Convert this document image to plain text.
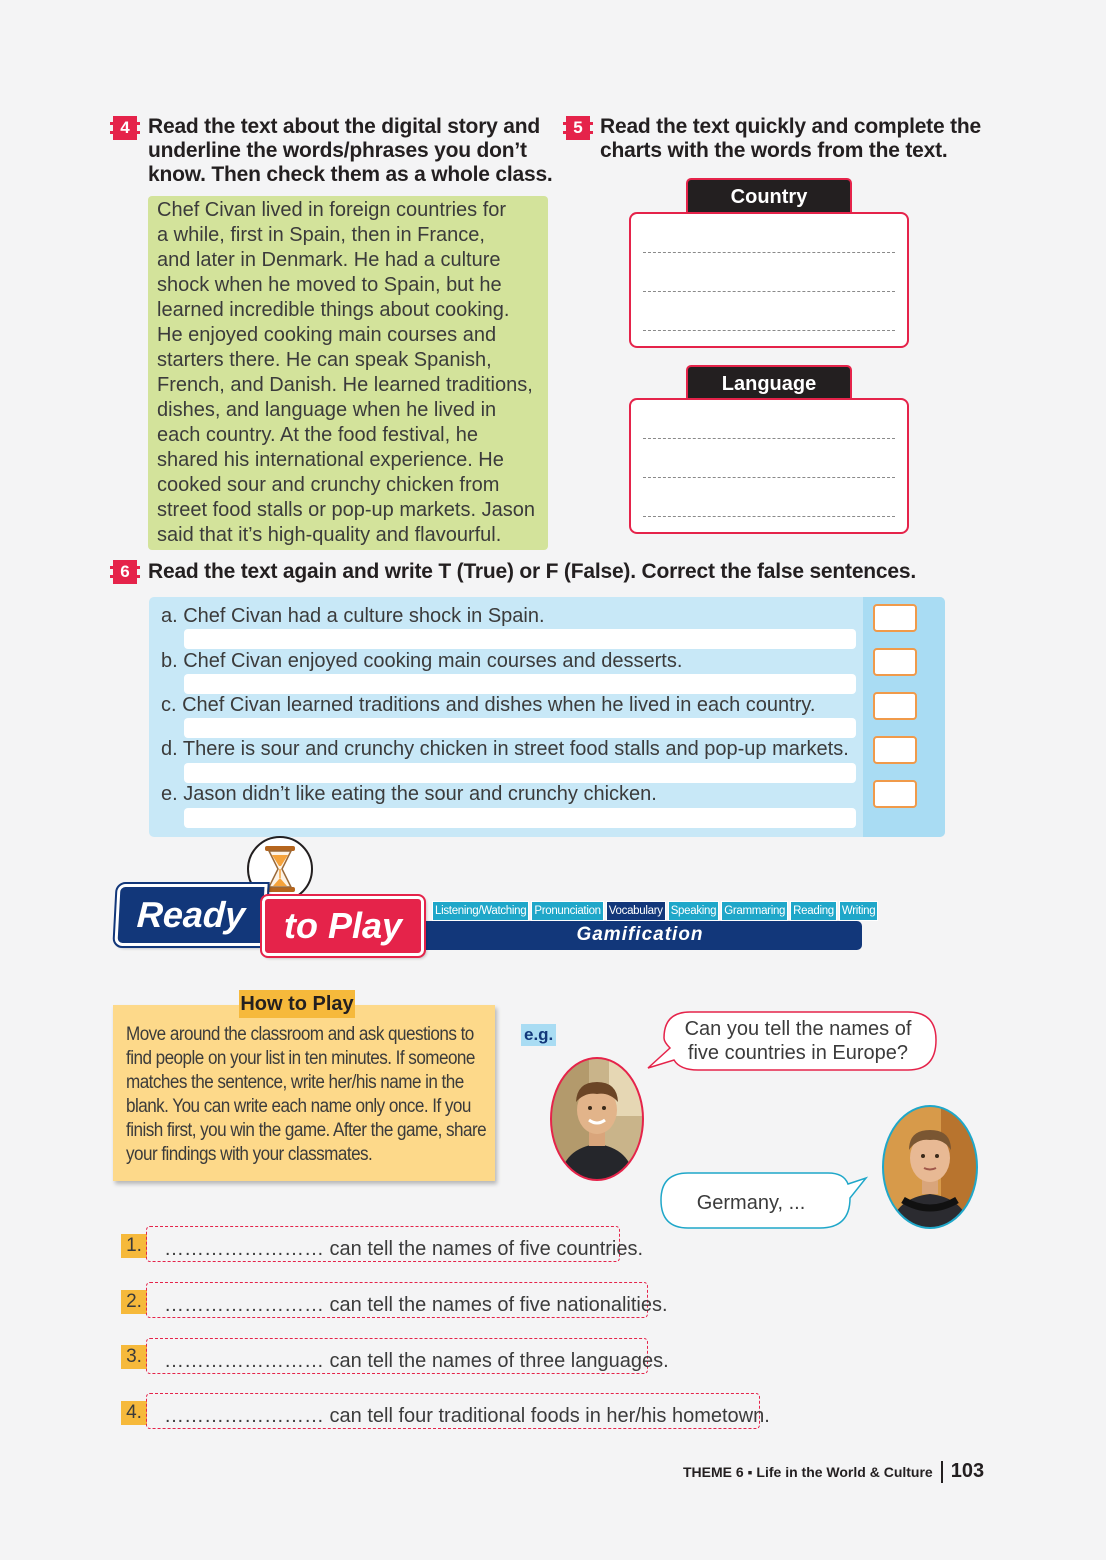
4 Read the text about the digital story and
underline the words/phrases you don’t
know. Then check them as a whole class.
Chef Civan lived in foreign countries for
a while, first in Spain, then in France,
and later in Denmark. He had a culture
shock when he moved to Spain, but he
learned incredible things about cooking.
He enjoyed cooking main courses and
starters there. He can speak Spanish,
French, and Danish. He learned traditions,
dishes, and language when he lived in
each country. At the food festival, he
shared his international experience. He
cooked sour and crunchy chicken from
street food stalls or pop-up markets. Jason
said that it’s high-quality and flavourful.
5 Read the text quickly and complete the
charts with the words from the text.
Country
Language
6 Read the text again and write T (True) or F (False). Correct the false sentences.
a. Chef Civan had a culture shock in Spain.
b. Chef Civan enjoyed cooking main courses and desserts.
c. Chef Civan learned traditions and dishes when he lived in each country.
d. There is sour and crunchy chicken in street food stalls and pop-up markets.
e. Jason didn’t like eating the sour and crunchy chicken.
Listening/Watching Pronunciation Vocabulary Speaking Grammaring Reading Writing
Gamification
Ready	to Play
Move around the classroom and ask questions to
find people on your list in ten minutes. If someone
matches the sentence, write her/his name in the
blank. You can write each name only once. If you
finish first, you win the game. After the game, share
your findings with your classmates.
How to Play
e.g.	Can you tell the names of
five countries in Europe?
Germany, ...
1.	…………………… can tell the names of five countries.
2.	…………………… can tell the names of five nationalities.
3.	…………………… can tell the names of three languages.
4.	…………………… can tell four traditional foods in her/his hometown.
THEME 6 ▪ Life in the World & Culture 103
